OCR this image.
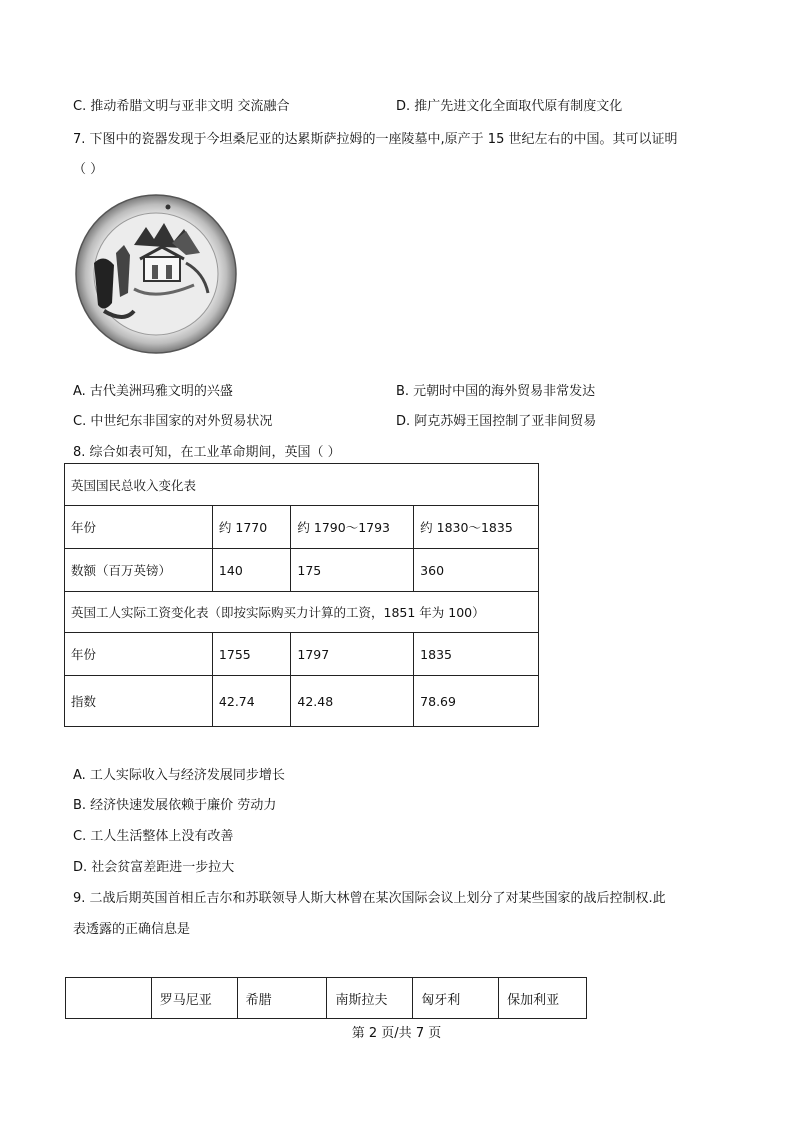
C. 推动希腊文明与亚非文明 交流融合	D. 推广先进文化全面取代原有制度文化
7. 下图中的瓷器发现于今坦桑尼亚的达累斯萨拉姆的一座陵墓中,原产于 15 世纪左右的中国。其可以证明
（ ）
A. 古代美洲玛雅文明的兴盛	B. 元朝时中国的海外贸易非常发达
C. 中世纪东非国家的对外贸易状况	D. 阿克苏姆王国控制了亚非间贸易
8. 综合如表可知，在工业革命期间，英国（ ）
英国国民总收入变化表			
年份	约 1770	约 1790～1793	约 1830～1835
数额（百万英镑）	140	175	360
英国工人实际工资变化表（即按实际购买力计算的工资，1851 年为 100）			
年份	1755	1797	1835
指数	42.74	42.48	78.69
A. 工人实际收入与经济发展同步增长
B. 经济快速发展依赖于廉价 劳动力
C. 工人生活整体上没有改善
D. 社会贫富差距进一步拉大
9. 二战后期英国首相丘吉尔和苏联领导人斯大林曾在某次国际会议上划分了对某些国家的战后控制权.此
表透露的正确信息是
	罗马尼亚	希腊	南斯拉夫	匈牙利	保加利亚
第 2 页/共 7 页
